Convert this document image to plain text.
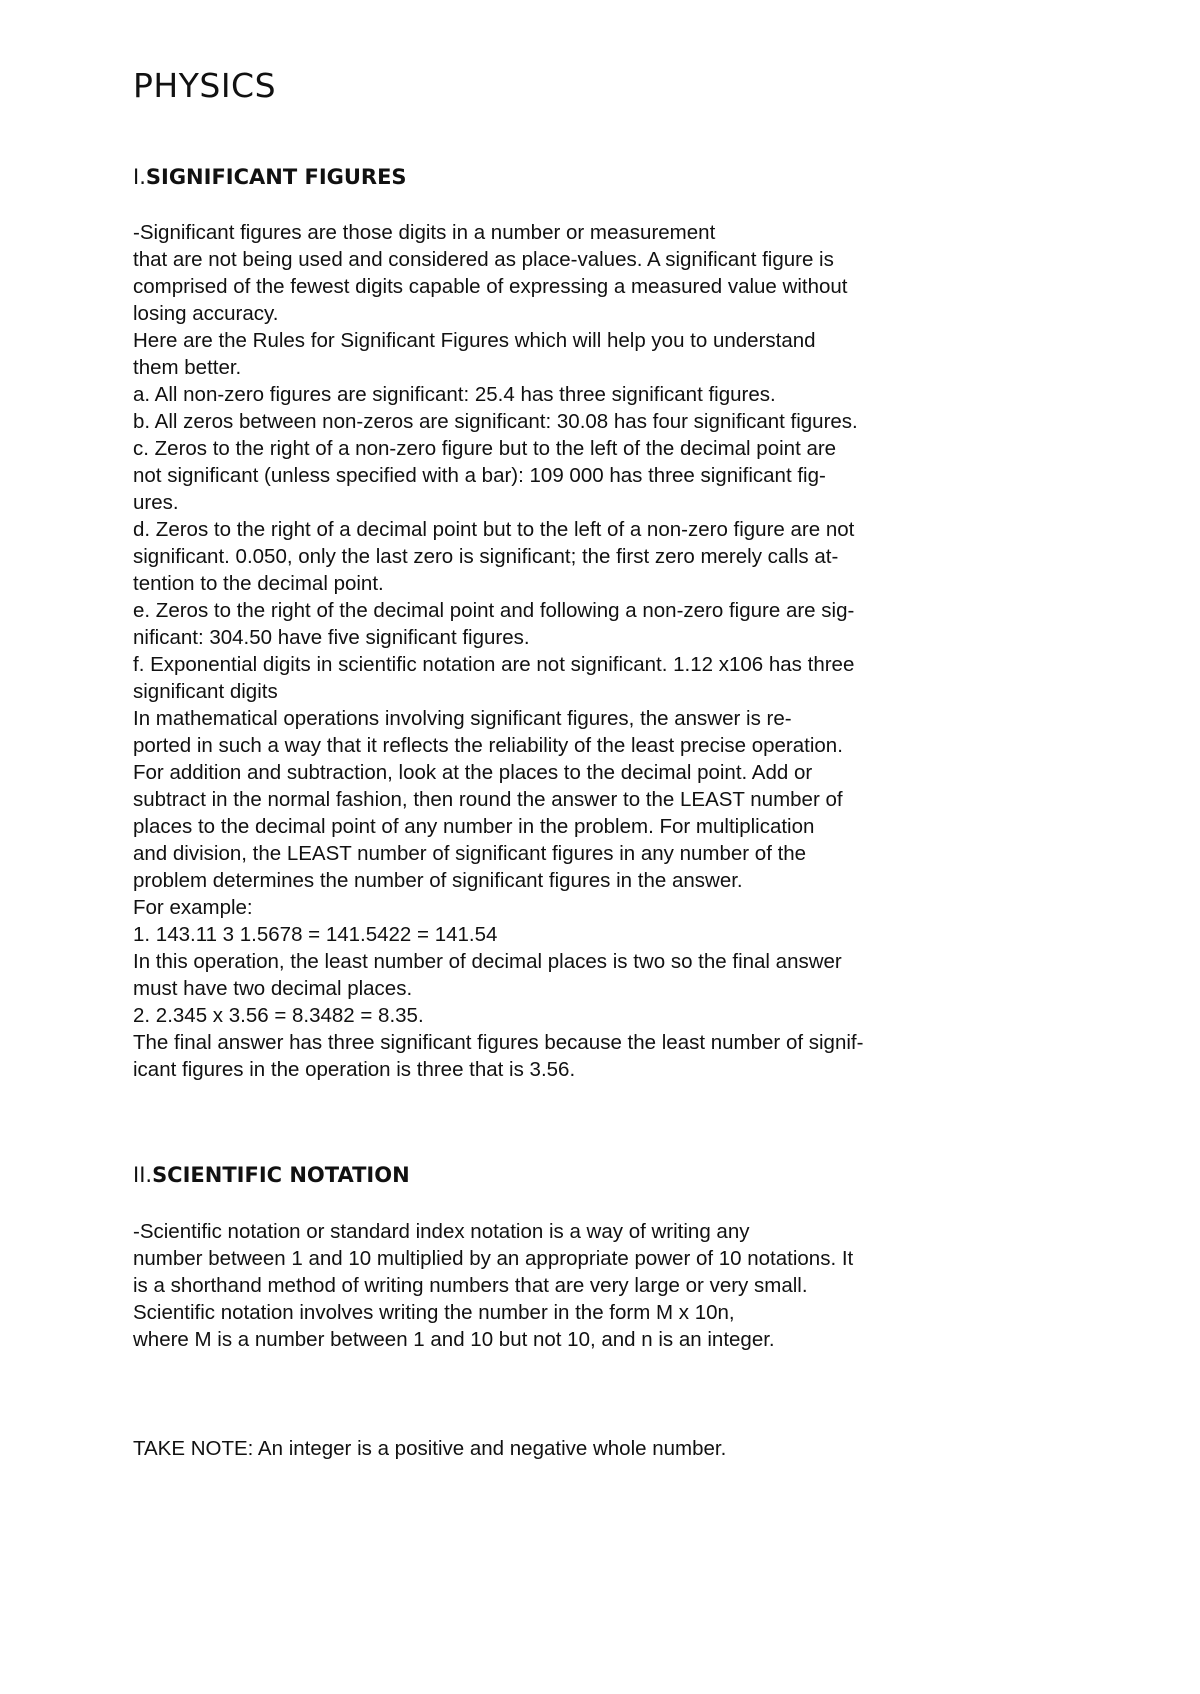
PHYSICS
I.SIGNIFICANT FIGURES
-Significant figures are those digits in a number or measurement
that are not being used and considered as place-values. A significant figure is
comprised of the fewest digits capable of expressing a measured value without
losing accuracy.
Here are the Rules for Significant Figures which will help you to understand
them better.
a. All non-zero figures are significant: 25.4 has three significant figures.
b. All zeros between non-zeros are significant: 30.08 has four significant figures.
c. Zeros to the right of a non-zero figure but to the left of the decimal point are
not significant (unless specified with a bar): 109 000 has three significant fig-
ures.
d. Zeros to the right of a decimal point but to the left of a non-zero figure are not
significant. 0.050, only the last zero is significant; the first zero merely calls at-
tention to the decimal point.
e. Zeros to the right of the decimal point and following a non-zero figure are sig-
nificant: 304.50 have five significant figures.
f. Exponential digits in scientific notation are not significant. 1.12 x106 has three
significant digits
In mathematical operations involving significant figures, the answer is re-
ported in such a way that it reflects the reliability of the least precise operation.
For addition and subtraction, look at the places to the decimal point. Add or
subtract in the normal fashion, then round the answer to the LEAST number of
places to the decimal point of any number in the problem. For multiplication
and division, the LEAST number of significant figures in any number of the
problem determines the number of significant figures in the answer.
For example:
1. 143.11 3 1.5678 = 141.5422 = 141.54
In this operation, the least number of decimal places is two so the final answer
must have two decimal places.
2. 2.345 x 3.56 = 8.3482 = 8.35.
The final answer has three significant figures because the least number of signif-
icant figures in the operation is three that is 3.56.
II.SCIENTIFIC NOTATION
-Scientific notation or standard index notation is a way of writing any
number between 1 and 10 multiplied by an appropriate power of 10 notations. It
is a shorthand method of writing numbers that are very large or very small.
Scientific notation involves writing the number in the form M x 10n,
where M is a number between 1 and 10 but not 10, and n is an integer.
TAKE NOTE: An integer is a positive and negative whole number.
